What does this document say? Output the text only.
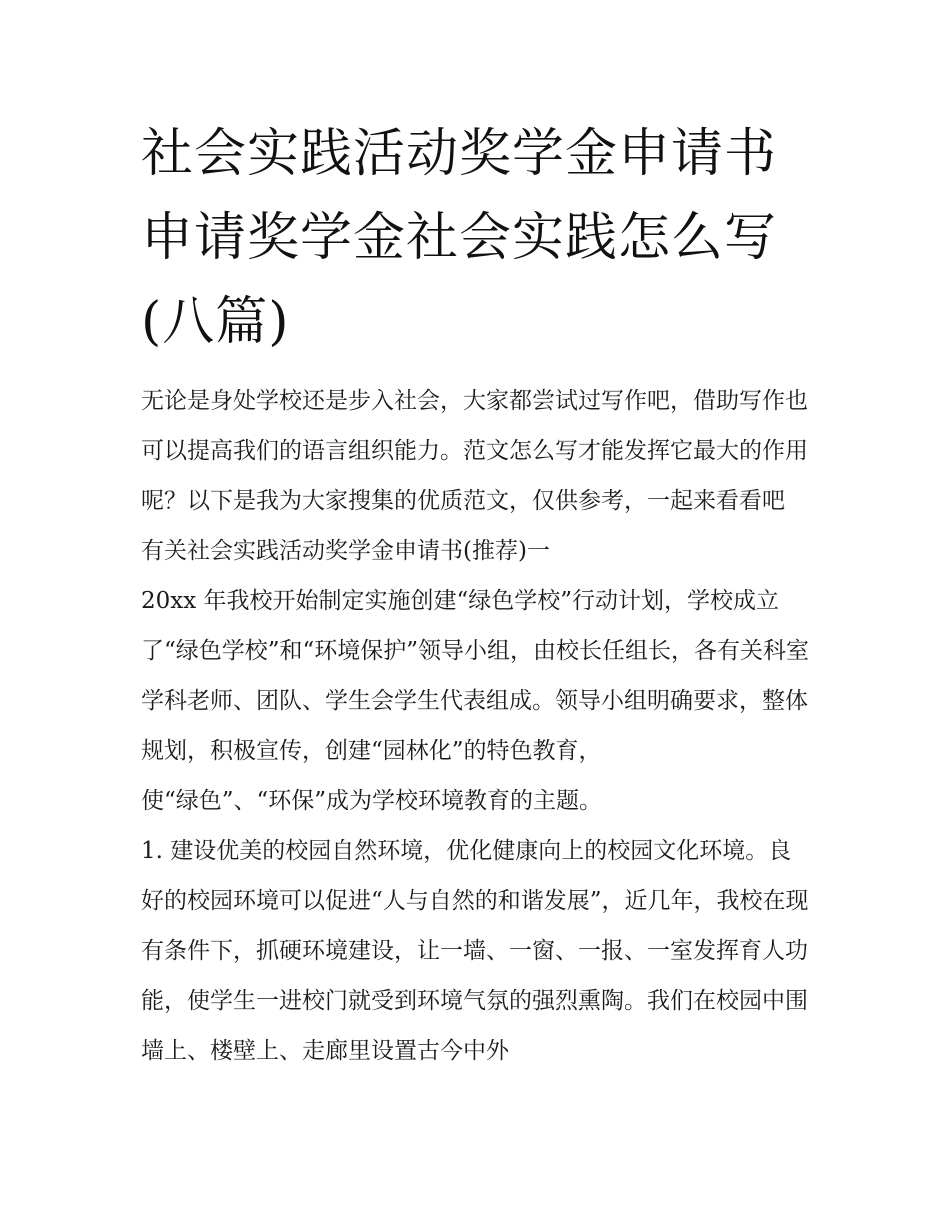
社会实践活动奖学金申请书 申请奖学金社会实践怎么写(八篇)

无论是身处学校还是步入社会，大家都尝试过写作吧，借助写作也可以提高我们的语言组织能力。范文怎么写才能发挥它最大的作用呢？以下是我为大家搜集的优质范文，仅供参考，一起来看看吧

有关社会实践活动奖学金申请书(推荐)一

20xx 年我校开始制定实施创建“绿色学校”行动计划，学校成立了“绿色学校”和“环境保护”领导小组，由校长任组长，各有关科室学科老师、团队、学生会学生代表组成。领导小组明确要求，整体规划，积极宣传，创建“园林化”的特色教育，

使“绿色”、“环保”成为学校环境教育的主题。

1. 建设优美的校园自然环境，优化健康向上的校园文化环境。良好的校园环境可以促进“人与自然的和谐发展”，近几年，我校在现有条件下，抓硬环境建设，让一墙、一窗、一报、一室发挥育人功能，使学生一进校门就受到环境气氛的强烈熏陶。我们在校园中围墙上、楼壁上、走廊里设置古今中外
